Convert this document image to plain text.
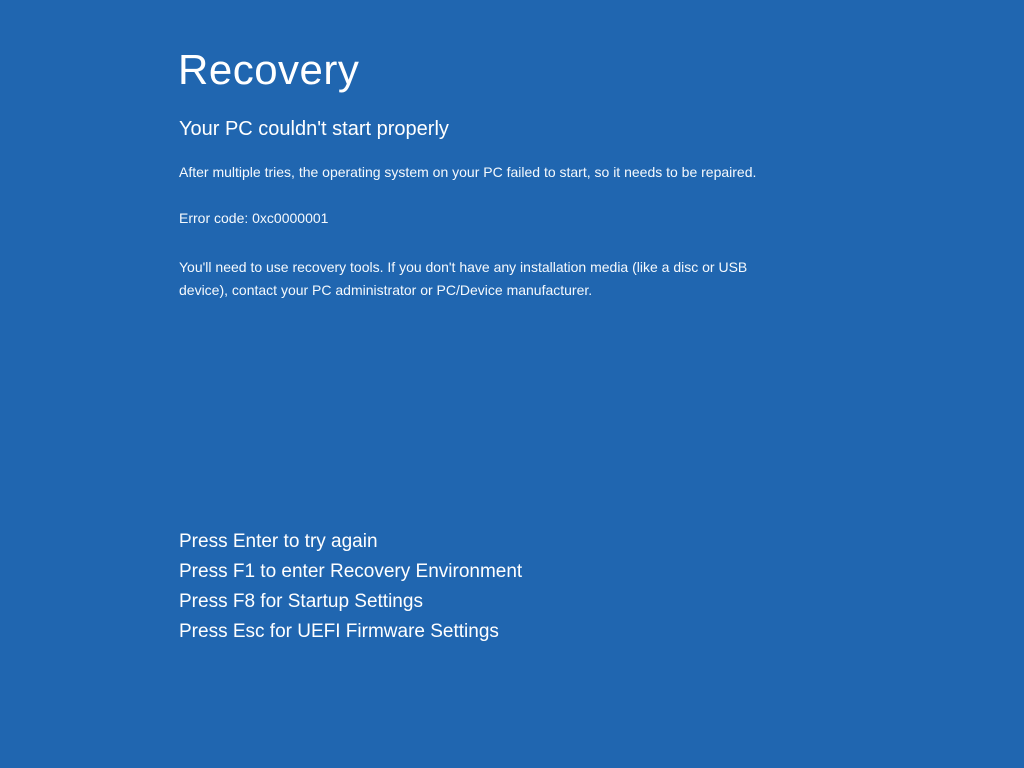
Recovery
Your PC couldn't start properly
After multiple tries, the operating system on your PC failed to start, so it needs to be repaired.
Error code: 0xc0000001
You'll need to use recovery tools. If you don't have any installation media (like a disc or USB device), contact your PC administrator or PC/Device manufacturer.
Press Enter to try again
Press F1 to enter Recovery Environment
Press F8 for Startup Settings
Press Esc for UEFI Firmware Settings
